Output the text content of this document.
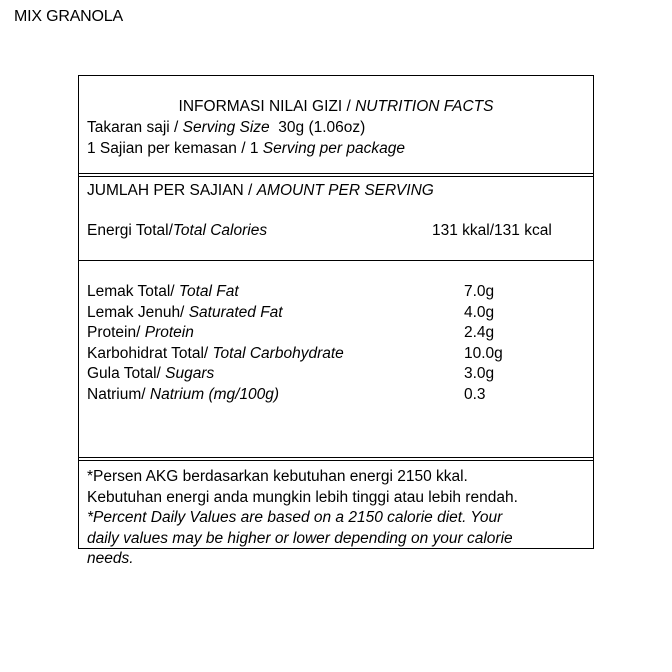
MIX GRANOLA
INFORMASI NILAI GIZI / NUTRITION FACTS
Takaran saji / Serving Size 30g (1.06oz)
1 Sajian per kemasan / 1 Serving per package
JUMLAH PER SAJIAN / AMOUNT PER SERVING
Energi Total/Total Calories	131 kkal/131 kcal
Lemak Total/ Total Fat	7.0g
Lemak Jenuh/ Saturated Fat	4.0g
Protein/ Protein	2.4g
Karbohidrat Total/ Total Carbohydrate	10.0g
Gula Total/ Sugars	3.0g
Natrium/ Natrium (mg/100g)	0.3
*Persen AKG berdasarkan kebutuhan energi 2150 kkal.
Kebutuhan energi anda mungkin lebih tinggi atau lebih rendah.
*Percent Daily Values are based on a 2150 calorie diet. Your
daily values may be higher or lower depending on your calorie
needs.
